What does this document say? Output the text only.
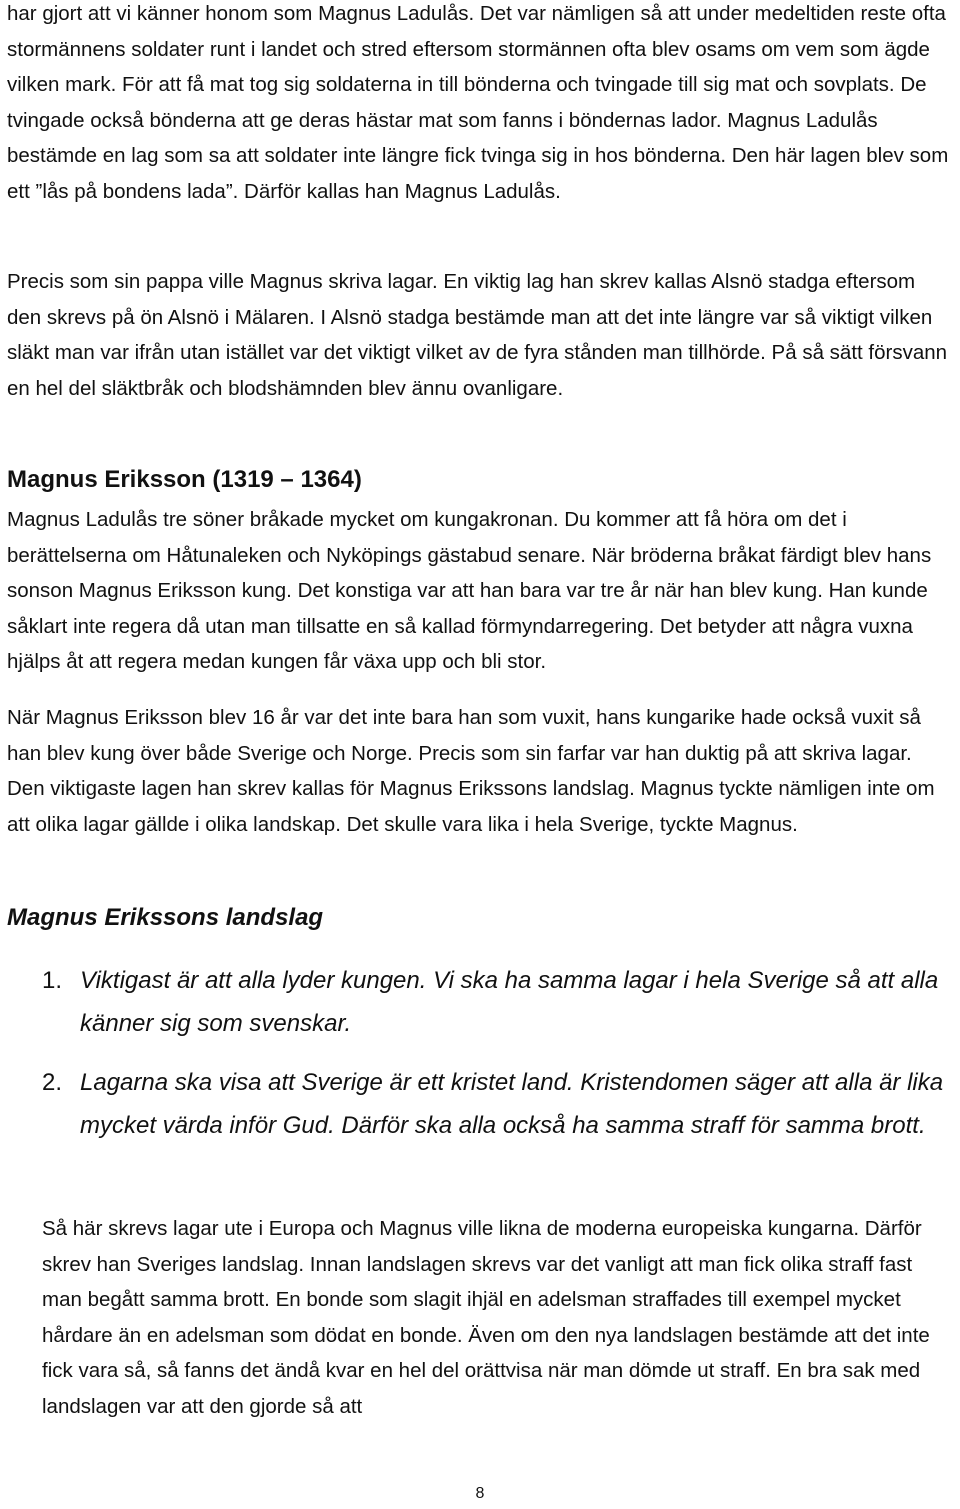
har gjort att vi känner honom som Magnus Ladulås. Det var nämligen så att under medeltiden reste ofta stormännens soldater runt i landet och stred eftersom stormännen ofta blev osams om vem som ägde vilken mark. För att få mat tog sig soldaterna in till bönderna och tvingade till sig mat och sovplats. De tvingade också bönderna att ge deras hästar mat som fanns i böndernas lador. Magnus Ladulås bestämde en lag som sa att soldater inte längre fick tvinga sig in hos bönderna. Den här lagen blev som ett ”lås på bondens lada”. Därför kallas han Magnus Ladulås.

Precis som sin pappa ville Magnus skriva lagar. En viktig lag han skrev kallas Alsnö stadga eftersom den skrevs på ön Alsnö i Mälaren. I Alsnö stadga bestämde man att det inte längre var så viktigt vilken släkt man var ifrån utan istället var det viktigt vilket av de fyra stånden man tillhörde. På så sätt försvann en hel del släktbråk och blodshämnden blev ännu ovanligare.

Magnus Eriksson (1319 – 1364)

Magnus Ladulås tre söner bråkade mycket om kungakronan. Du kommer att få höra om det i berättelserna om Håtunaleken och Nyköpings gästabud senare. När bröderna bråkat färdigt blev hans sonson Magnus Eriksson kung. Det konstiga var att han bara var tre år när han blev kung. Han kunde såklart inte regera då utan man tillsatte en så kallad förmyndarregering. Det betyder att några vuxna hjälps åt att regera medan kungen får växa upp och bli stor.

När Magnus Eriksson blev 16 år var det inte bara han som vuxit, hans kungarike hade också vuxit så han blev kung över både Sverige och Norge. Precis som sin farfar var han duktig på att skriva lagar. Den viktigaste lagen han skrev kallas för Magnus Erikssons landslag. Magnus tyckte nämligen inte om att olika lagar gällde i olika landskap. Det skulle vara lika i hela Sverige, tyckte Magnus.

Magnus Erikssons landslag
1. Viktigast är att alla lyder kungen. Vi ska ha samma lagar i hela Sverige så att alla känner sig som svenskar.
2. Lagarna ska visa att Sverige är ett kristet land. Kristendomen säger att alla är lika mycket värda inför Gud. Därför ska alla också ha samma straff för samma brott.

Så här skrevs lagar ute i Europa och Magnus ville likna de moderna europeiska kungarna. Därför skrev han Sveriges landslag. Innan landslagen skrevs var det vanligt att man fick olika straff fast man begått samma brott. En bonde som slagit ihjäl en adelsman straffades till exempel mycket hårdare än en adelsman som dödat en bonde. Även om den nya landslagen bestämde att det inte fick vara så, så fanns det ändå kvar en hel del orättvisa när man dömde ut straff. En bra sak med landslagen var att den gjorde så att

8
